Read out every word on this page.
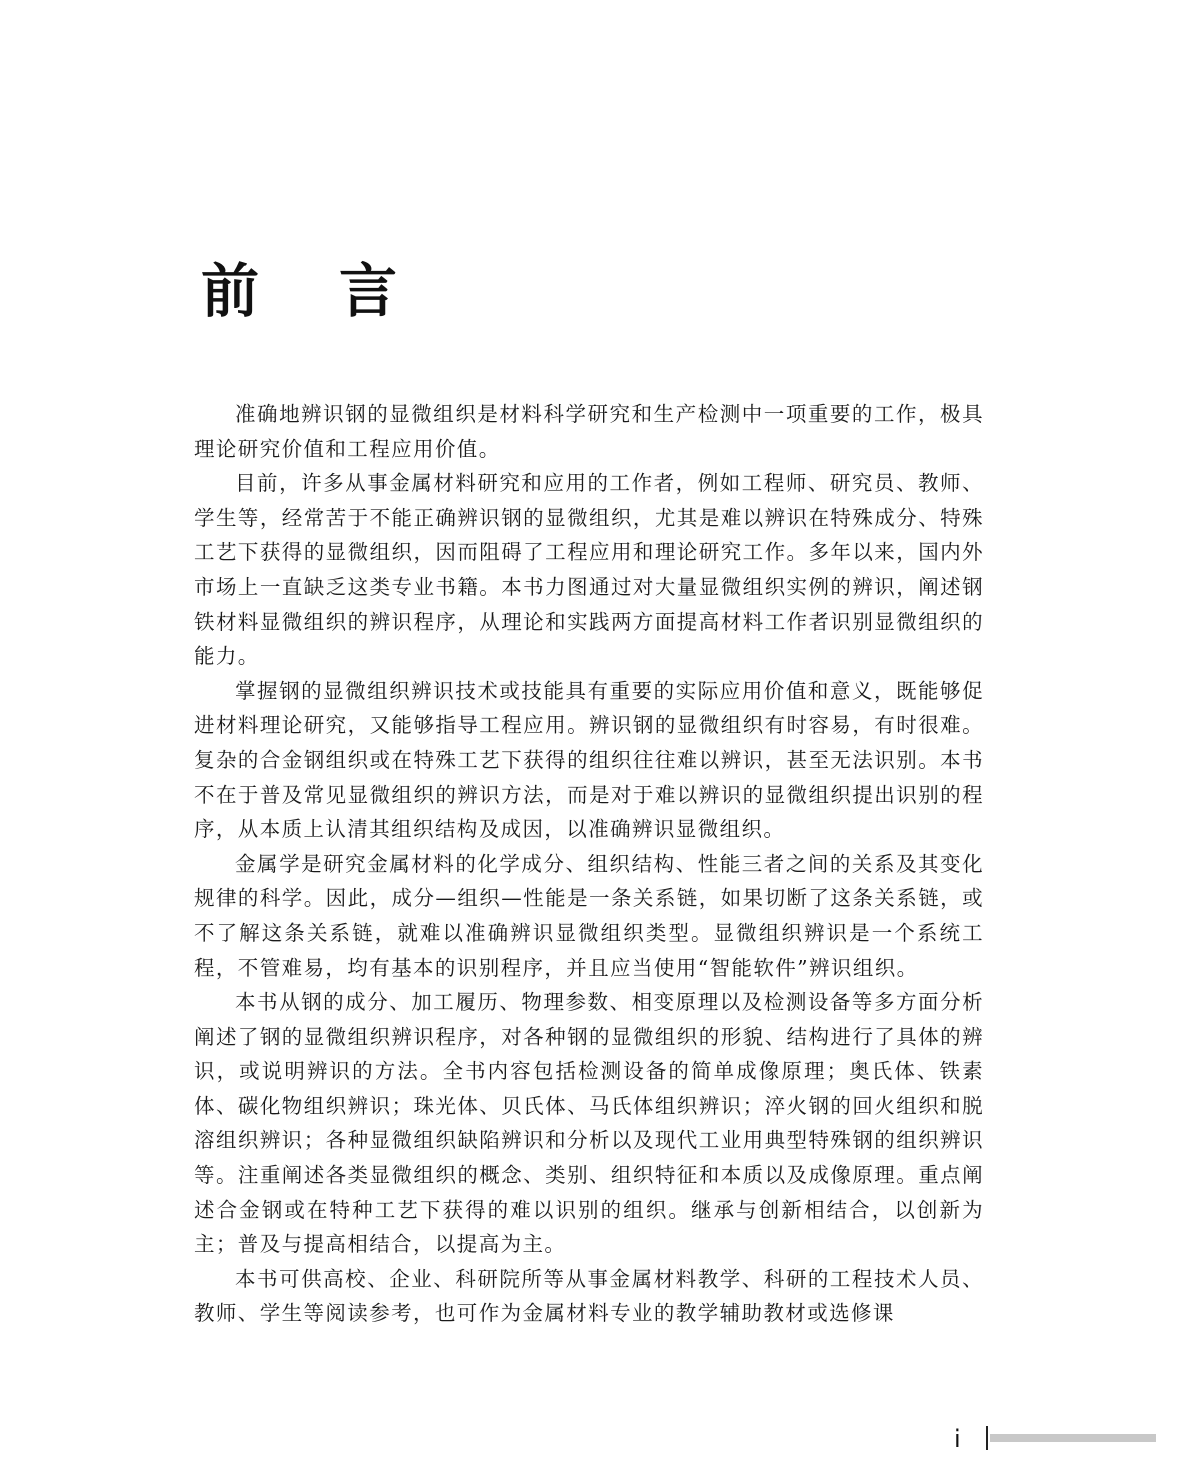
前言

准确地辨识钢的显微组织是材料科学研究和生产检测中一项重要的工作，极具理论研究价值和工程应用价值。

目前，许多从事金属材料研究和应用的工作者，例如工程师、研究员、教师、学生等，经常苦于不能正确辨识钢的显微组织，尤其是难以辨识在特殊成分、特殊工艺下获得的显微组织，因而阻碍了工程应用和理论研究工作。多年以来，国内外市场上一直缺乏这类专业书籍。本书力图通过对大量显微组织实例的辨识，阐述钢铁材料显微组织的辨识程序，从理论和实践两方面提高材料工作者识别显微组织的能力。

掌握钢的显微组织辨识技术或技能具有重要的实际应用价值和意义，既能够促进材料理论研究，又能够指导工程应用。辨识钢的显微组织有时容易，有时很难。复杂的合金钢组织或在特殊工艺下获得的组织往往难以辨识，甚至无法识别。本书不在于普及常见显微组织的辨识方法，而是对于难以辨识的显微组织提出识别的程序，从本质上认清其组织结构及成因，以准确辨识显微组织。

金属学是研究金属材料的化学成分、组织结构、性能三者之间的关系及其变化规律的科学。因此，成分—组织—性能是一条关系链，如果切断了这条关系链，或不了解这条关系链，就难以准确辨识显微组织类型。显微组织辨识是一个系统工程，不管难易，均有基本的识别程序，并且应当使用“智能软件”辨识组织。

本书从钢的成分、加工履历、物理参数、相变原理以及检测设备等多方面分析阐述了钢的显微组织辨识程序，对各种钢的显微组织的形貌、结构进行了具体的辨识，或说明辨识的方法。全书内容包括检测设备的简单成像原理；奥氏体、铁素体、碳化物组织辨识；珠光体、贝氏体、马氏体组织辨识；淬火钢的回火组织和脱溶组织辨识；各种显微组织缺陷辨识和分析以及现代工业用典型特殊钢的组织辨识等。注重阐述各类显微组织的概念、类别、组织特征和本质以及成像原理。重点阐述合金钢或在特种工艺下获得的难以识别的组织。继承与创新相结合，以创新为主；普及与提高相结合，以提高为主。

本书可供高校、企业、科研院所等从事金属材料教学、科研的工程技术人员、教师、学生等阅读参考，也可作为金属材料专业的教学辅助教材或选修课

i
